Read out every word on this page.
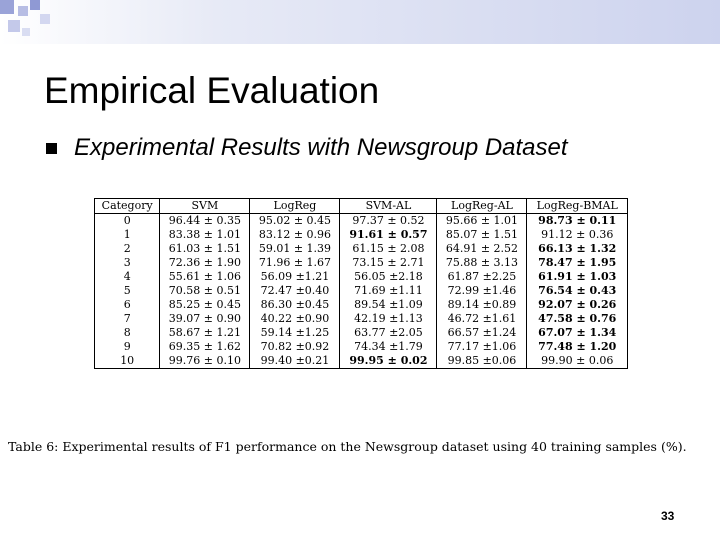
Empirical Evaluation
Experimental Results with Newsgroup Dataset
Category	SVM	LogReg	SVM-AL	LogReg-AL	LogReg-BMAL
0	96.44 ± 0.35	95.02 ± 0.45	97.37 ± 0.52	95.66 ± 1.01	98.73 ± 0.11
1	83.38 ± 1.01	83.12 ± 0.96	91.61 ± 0.57	85.07 ± 1.51	91.12 ± 0.36
2	61.03 ± 1.51	59.01 ± 1.39	61.15 ± 2.08	64.91 ± 2.52	66.13 ± 1.32
3	72.36 ± 1.90	71.96 ± 1.67	73.15 ± 2.71	75.88 ± 3.13	78.47 ± 1.95
4	55.61 ± 1.06	56.09 ±1.21	56.05 ±2.18	61.87 ±2.25	61.91 ± 1.03
5	70.58 ± 0.51	72.47 ±0.40	71.69 ±1.11	72.99 ±1.46	76.54 ± 0.43
6	85.25 ± 0.45	86.30 ±0.45	89.54 ±1.09	89.14 ±0.89	92.07 ± 0.26
7	39.07 ± 0.90	40.22 ±0.90	42.19 ±1.13	46.72 ±1.61	47.58 ± 0.76
8	58.67 ± 1.21	59.14 ±1.25	63.77 ±2.05	66.57 ±1.24	67.07 ± 1.34
9	69.35 ± 1.62	70.82 ±0.92	74.34 ±1.79	77.17 ±1.06	77.48 ± 1.20
10	99.76 ± 0.10	99.40 ±0.21	99.95 ± 0.02	99.85 ±0.06	99.90 ± 0.06
Table 6: Experimental results of F1 performance on the Newsgroup dataset using 40 training samples (%).
33
